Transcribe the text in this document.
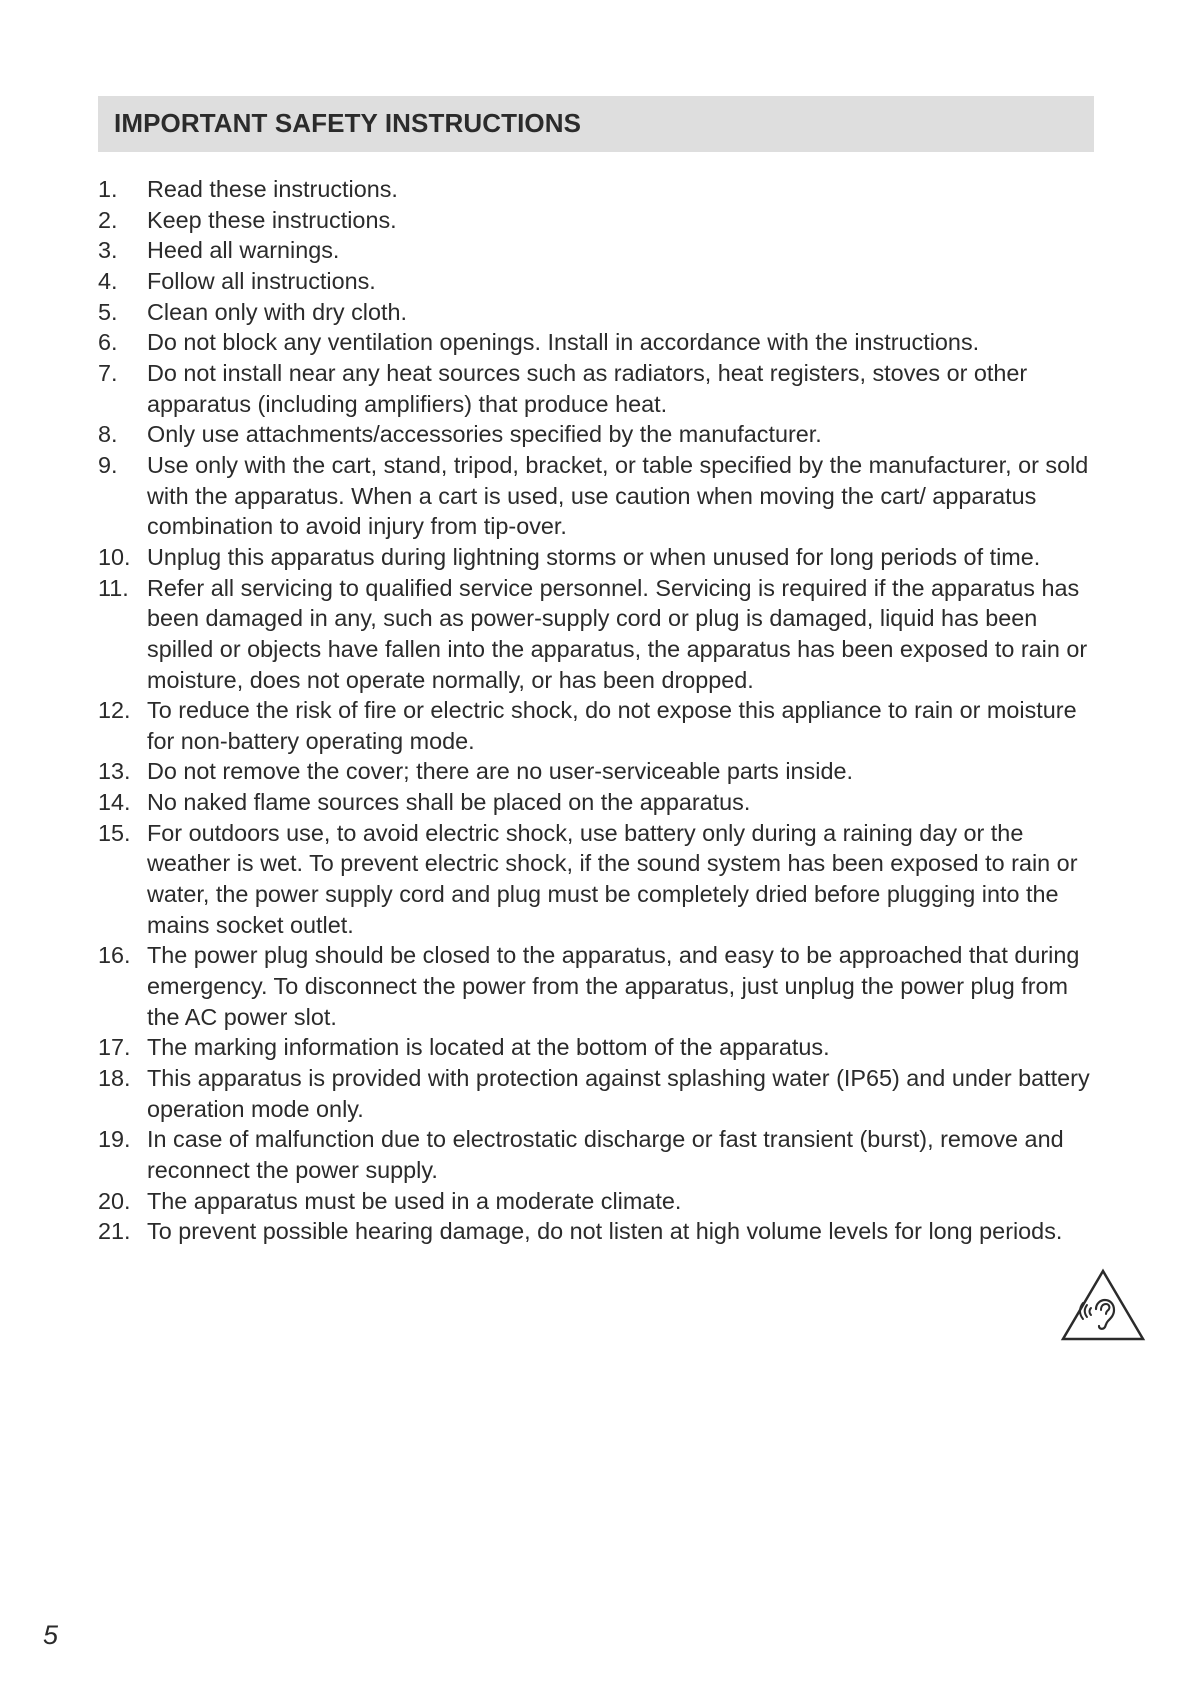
IMPORTANT SAFETY INSTRUCTIONS
1.	Read these instructions.
2.	Keep these instructions.
3.	Heed all warnings.
4.	Follow all instructions.
5.	Clean only with dry cloth.
6.	Do not block any ventilation openings. Install in accordance with the instructions.
7.	Do not install near any heat sources such as radiators, heat registers, stoves or other apparatus (including amplifiers) that produce heat.
8.	Only use attachments/accessories specified by the manufacturer.
9.	Use only with the cart, stand, tripod, bracket, or table specified by the manufacturer, or sold with the apparatus. When a cart is used, use caution when moving the cart/ apparatus combination to avoid injury from tip-over.
10. Unplug this apparatus during lightning storms or when unused for long periods of time.
11. Refer all servicing to qualified service personnel. Servicing is required if the apparatus has been damaged in any, such as power-supply cord or plug is damaged, liquid has been spilled or objects have fallen into the apparatus, the apparatus has been exposed to rain or moisture, does not operate normally, or has been dropped.
12. To reduce the risk of fire or electric shock, do not expose this appliance to rain or moisture for non-battery operating mode.
13. Do not remove the cover; there are no user-serviceable parts inside.
14. No naked flame sources shall be placed on the apparatus.
15. For outdoors use, to avoid electric shock, use battery only during a raining day or the weather is wet. To prevent electric shock, if the sound system has been exposed to rain or water, the power supply cord and plug must be completely dried before plugging into the mains socket outlet.
16. The power plug should be closed to the apparatus, and easy to be approached that during emergency. To disconnect the power from the apparatus, just unplug the power plug from the AC power slot.
17. The marking information is located at the bottom of the apparatus.
18. This apparatus is provided with protection against splashing water (IP65) and under battery operation mode only.
19. In case of malfunction due to electrostatic discharge or fast transient (burst), remove and reconnect the power supply.
20. The apparatus must be used in a moderate climate.
21. To prevent possible hearing damage, do not listen at high volume levels for long periods.
5
